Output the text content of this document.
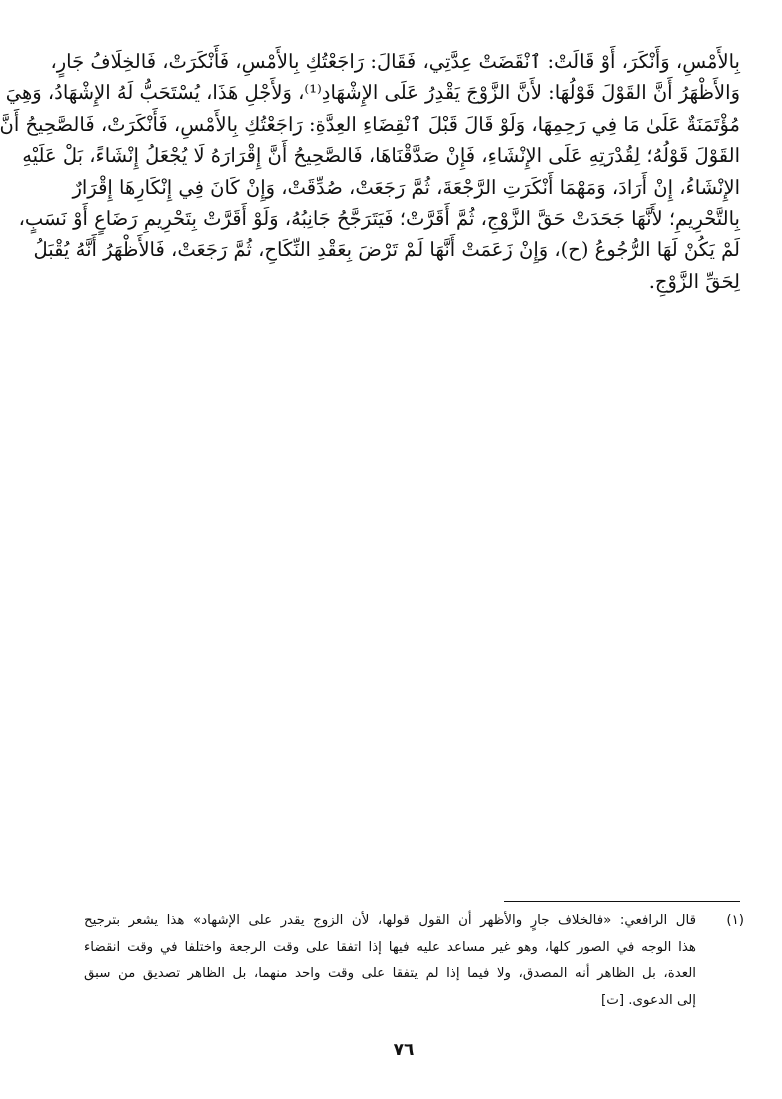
بِالأَمْسِ، وَأَنْكَرَ، أَوْ قَالَتْ: ٱنْقَضَتْ عِدَّتِي، فَقَالَ: رَاجَعْتُكِ بِالأَمْسِ، فَأَنْكَرَتْ، فَالخِلَافُ جَارٍ،
وَالأَظْهَرُ أَنَّ القَوْلَ قَوْلُهَا: لأَنَّ الزَّوْجَ يَقْدِرُ عَلَى الإِشْهَادِ⁽¹⁾، وَلأَجْلِ هَذَا، يُسْتَحَبُّ لَهُ الإِشْهَادُ، وَهِيَ
مُؤْتَمَنَةٌ عَلَىٰ مَا فِي رَحِمِهَا، وَلَوْ قَالَ قَبْلَ ٱنْقِضَاءِ العِدَّةِ: رَاجَعْتُكِ بِالأَمْسِ، فَأَنْكَرَتْ، فَالصَّحِيحُ أَنَّ
القَوْلَ قَوْلُهُ؛ لِقُدْرَتِهِ عَلَى الإِنْشَاءِ، فَإِنْ صَدَّقْنَاهَا، فَالصَّحِيحُ أَنَّ إِقْرَارَهُ لَا يُجْعَلُ إِنْشَاءً، بَلْ عَلَيْهِ
الإِنْشَاءُ، إِنْ أَرَادَ، وَمَهْمَا أَنْكَرَتِ الرَّجْعَةَ، ثُمَّ رَجَعَتْ، صُدِّقَتْ، وَإِنْ كَانَ فِي إِنْكَارِهَا إِقْرَارٌ
بِالتَّحْرِيمِ؛ لأَنَّهَا جَحَدَتْ حَقَّ الزَّوْجِ، ثُمَّ أَقَرَّتْ؛ فَيَتَرَجَّحُ جَانِبُهُ، وَلَوْ أَقَرَّتْ بِتَحْرِيمِ رَضَاعٍ أَوْ نَسَبٍ،
لَمْ يَكُنْ لَهَا الرُّجُوعُ (ح)، وَإِنْ زَعَمَتْ أَنَّهَا لَمْ تَرْضَ بِعَقْدِ النِّكَاحِ، ثُمَّ رَجَعَتْ، فَالأَظْهَرُ أَنَّهُ يُقْبَلُ
لِحَقِّ الزَّوْجِ.
(١)
قال الرافعي: «فالخلاف جارٍ والأظهر أن القول قولها، لأن الزوج يقدر على الإشهاد» هذا يشعر بترجيح
هذا الوجه في الصور كلها، وهو غير مساعد عليه فيها إذا اتفقا على وقت الرجعة واختلفا في وقت انقضاء
العدة، بل الظاهر أنه المصدق، ولا فيما إذا لم يتفقا على وقت واحد منهما، بل الظاهر تصديق من سبق
إلى الدعوى. [ت]
٧٦
